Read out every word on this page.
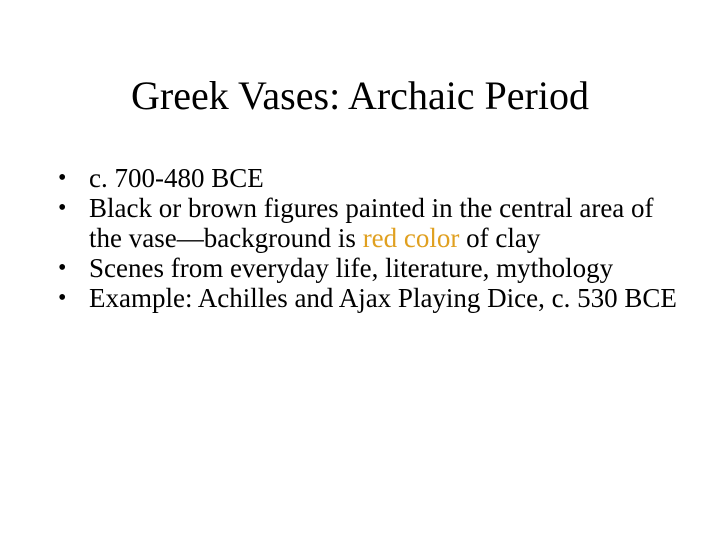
Greek Vases: Archaic Period
• c. 700-480 BCE
• Black or brown figures painted in the central area of the vase—background is red color of clay
• Scenes from everyday life, literature, mythology
• Example: Achilles and Ajax Playing Dice, c. 530 BCE
